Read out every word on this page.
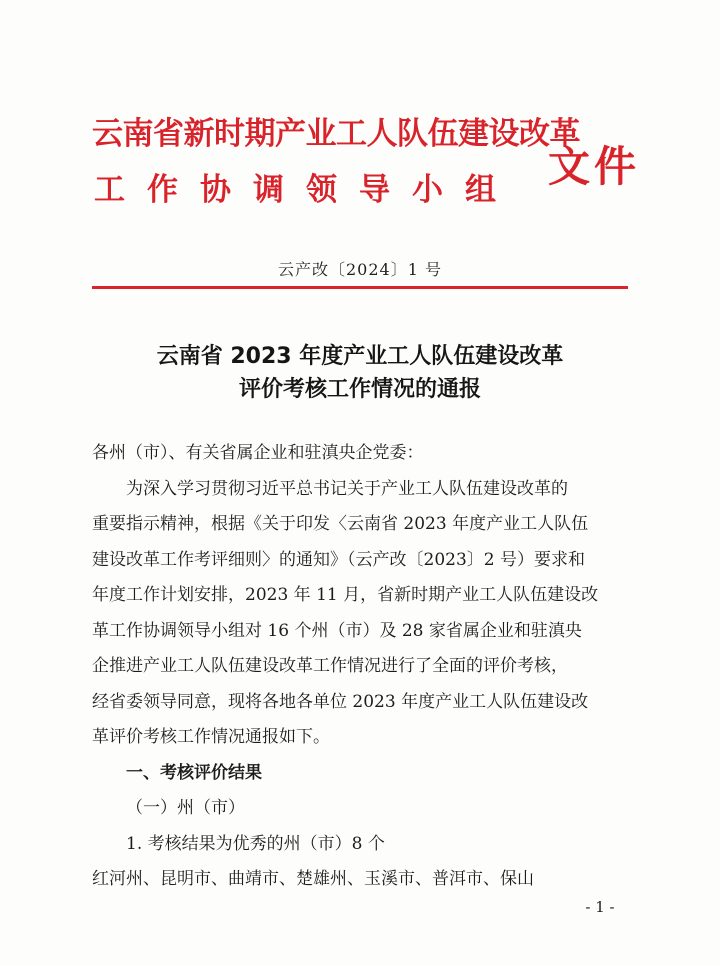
云南省新时期产业工人队伍建设改革
工作协调领导小组 文件
云产改〔2024〕1 号
云南省 2023 年度产业工人队伍建设改革
评价考核工作情况的通报
各州（市）、有关省属企业和驻滇央企党委：
为深入学习贯彻习近平总书记关于产业工人队伍建设改革的
重要指示精神，根据《关于印发〈云南省 2023 年度产业工人队伍
建设改革工作考评细则〉的通知》（云产改〔2023〕2 号）要求和
年度工作计划安排，2023 年 11 月，省新时期产业工人队伍建设改
革工作协调领导小组对 16 个州（市）及 28 家省属企业和驻滇央
企推进产业工人队伍建设改革工作情况进行了全面的评价考核，
经省委领导同意，现将各地各单位 2023 年度产业工人队伍建设改
革评价考核工作情况通报如下。
一、考核评价结果
（一）州（市）
1. 考核结果为优秀的州（市）8 个
红河州、昆明市、曲靖市、楚雄州、玉溪市、普洱市、保山
- 1 -
